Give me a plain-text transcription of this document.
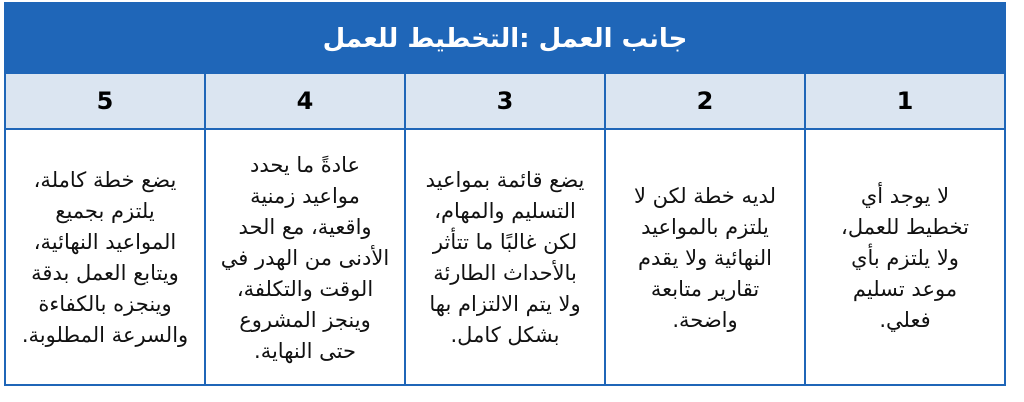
جانب العمل :التخطيط للعمل
1
2
3
4
5
لا يوجد أي تخطيط للعمل، ولا يلتزم بأي موعد تسليم فعلي.
لديه خطة لكن لا يلتزم بالمواعيد النهائية ولا يقدم تقارير متابعة واضحة.
يضع قائمة بمواعيد التسليم والمهام، لكن غالبًا ما تتأثر بالأحداث الطارئة ولا يتم الالتزام بها بشكل كامل.
عادةً ما يحدد مواعيد زمنية واقعية، مع الحد الأدنى من الهدر في الوقت والتكلفة، وينجز المشروع حتى النهاية.
يضع خطة كاملة، يلتزم بجميع المواعيد النهائية، ويتابع العمل بدقة وينجزه بالكفاءة والسرعة المطلوبة.
